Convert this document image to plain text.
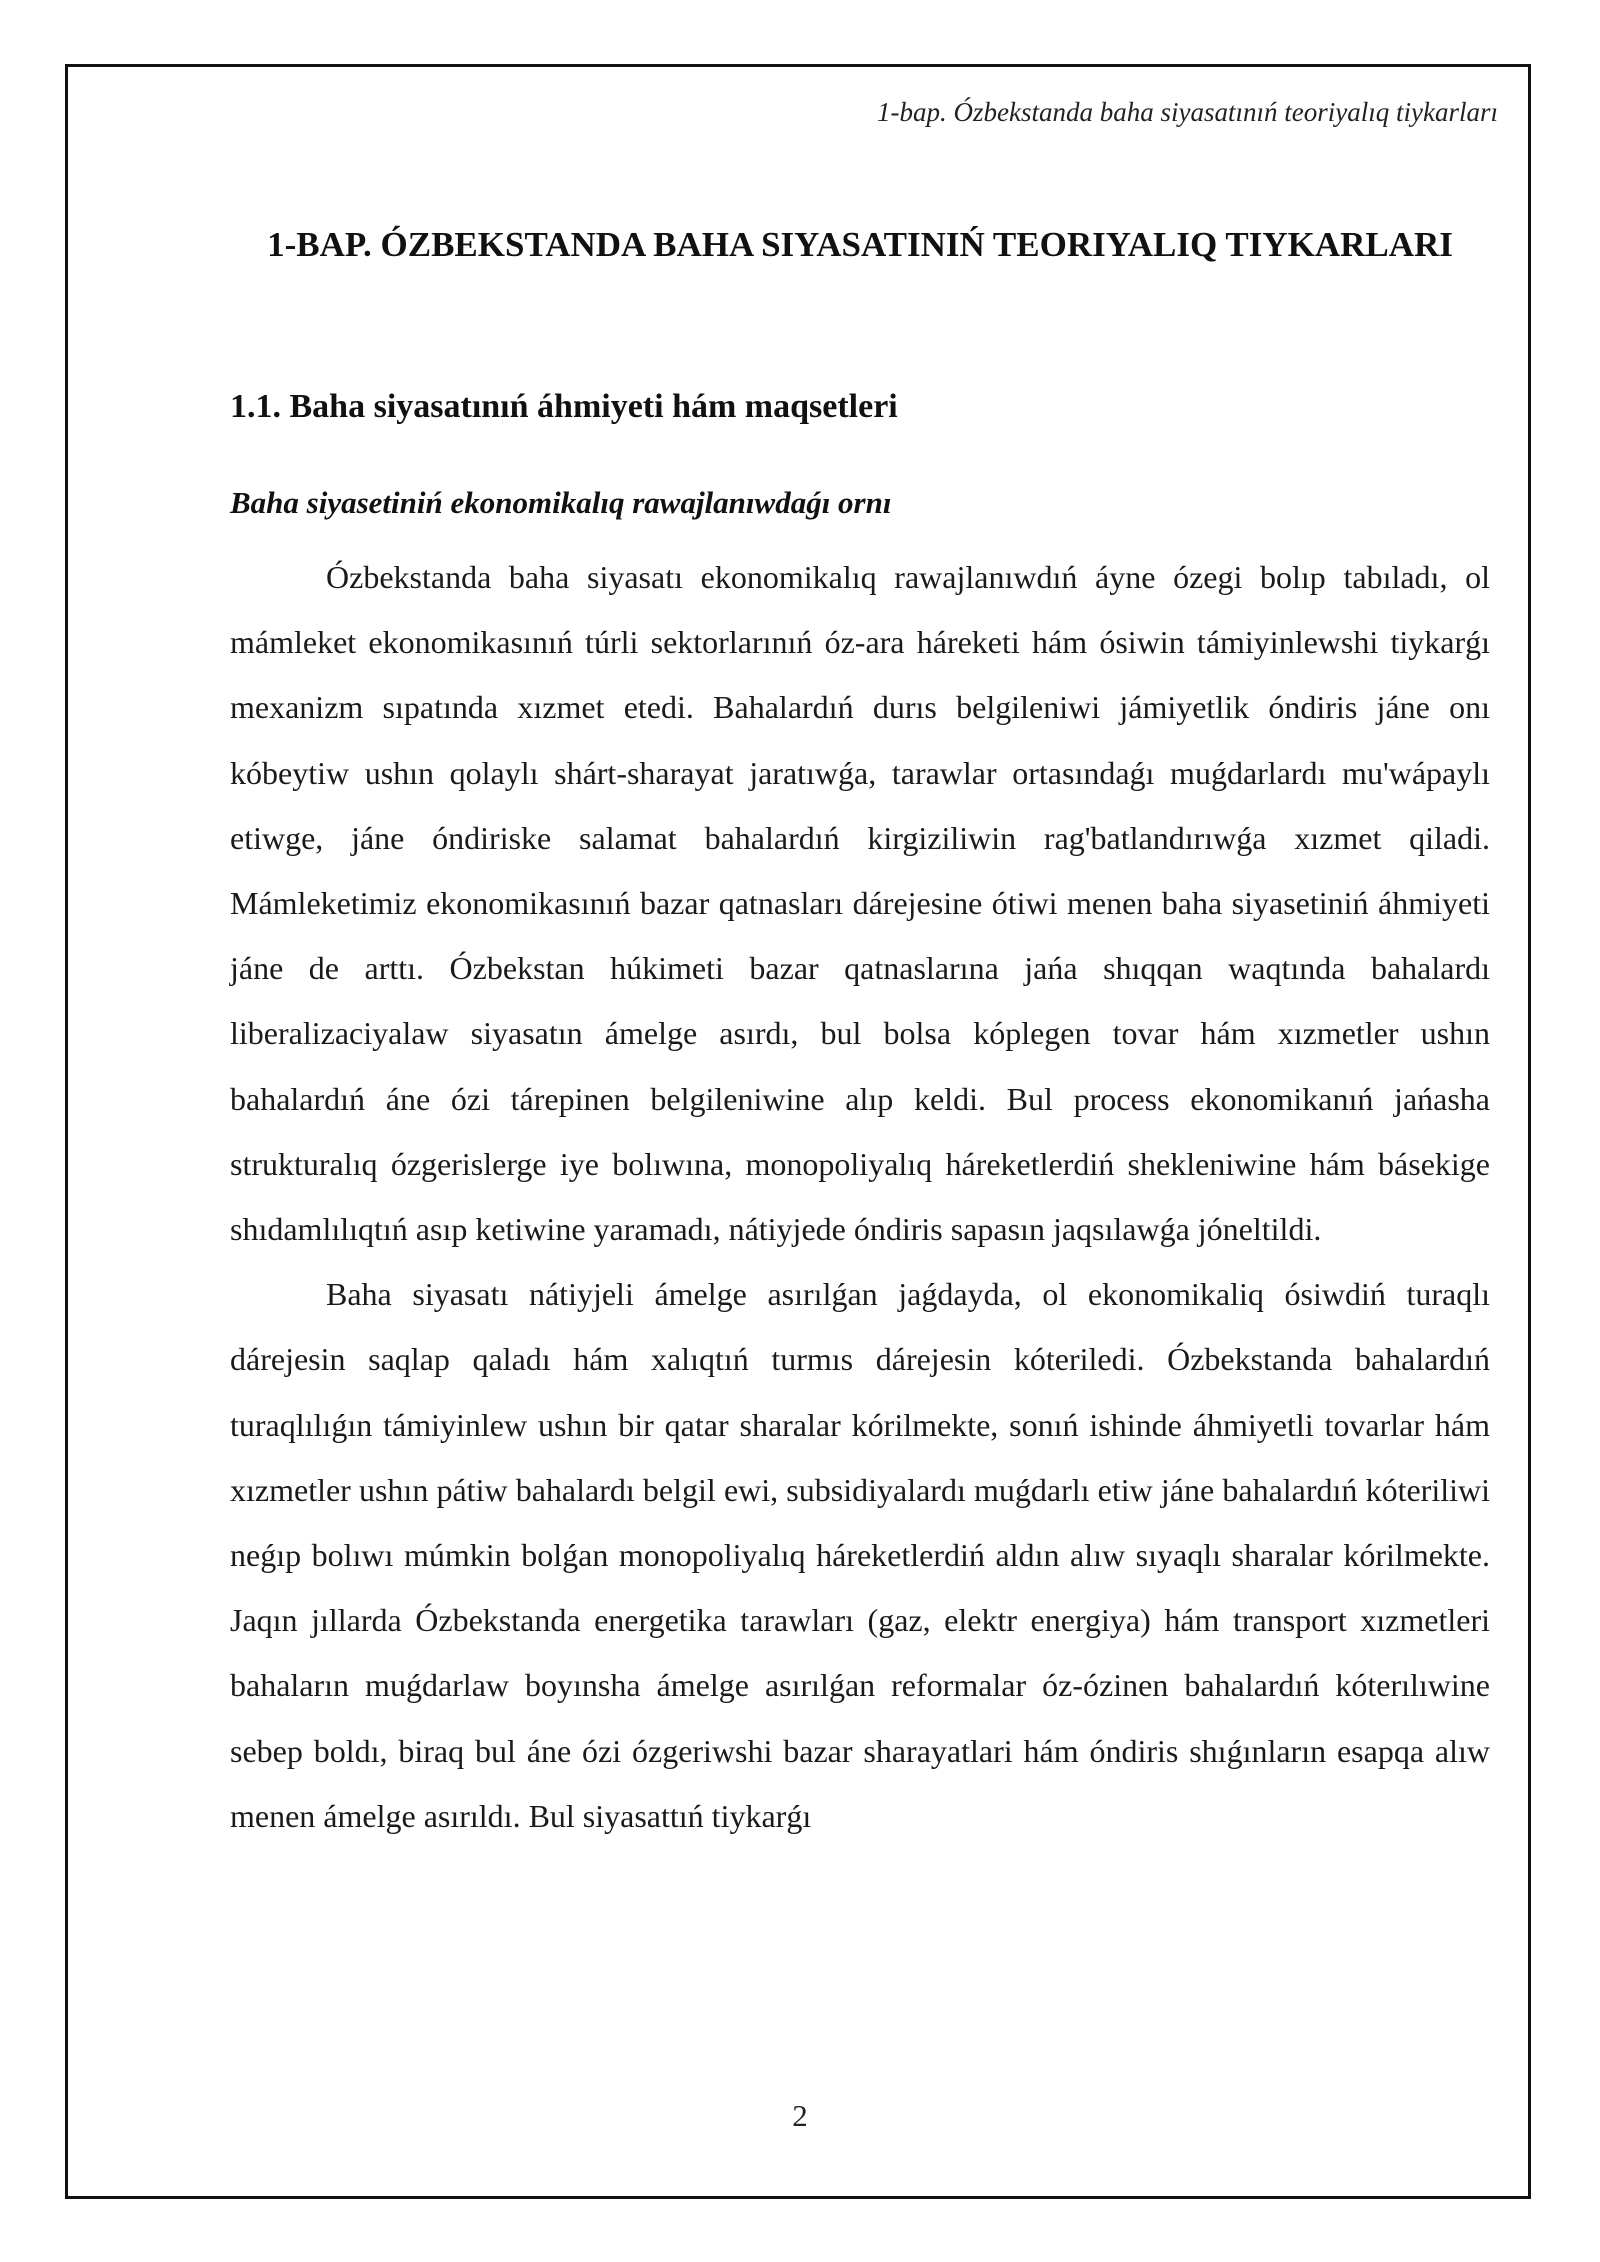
1-bap. Ózbekstanda baha siyasatınıń teoriyalıq tiykarları
1-BAP. ÓZBEKSTANDA BAHA SIYASATINIŃ TEORIYALIQ TIYKARLARI
1.1. Baha siyasatınıń áhmiyeti hám maqsetleri
Baha siyasetiniń ekonomikalıq rawajlanıwdaǵı ornı

Ózbekstanda baha siyasatı ekonomikalıq rawajlanıwdıń áyne ózegi bolıp tabıladı, ol mámleket ekonomikasınıń túrli sektorlarınıń óz-ara háreketi hám ósiwin támiyinlewshi tiykarǵı mexanizm sıpatında xızmet etedi. Bahalardıń durıs belgileniwi jámiyetlik óndiris jáne onı kóbeytiw ushın qolaylı shárt-sharayat jaratıwǵa, tarawlar ortasındaǵı muǵdarlardı mu'wápaylı etiwge, jáne óndiriske salamat bahalardıń kirgiziliwin rag'batlandırıwǵa xızmet qiladi. Mámleketimiz ekonomikasınıń bazar qatnasları dárejesine ótiwi menen baha siyasetiniń áhmiyeti jáne de arttı. Ózbekstan húkimeti bazar qatnaslarına jańa shıqqan waqtında bahalardı liberalizaciyalaw siyasatın ámelge asırdı, bul bolsa kóplegen tovar hám xızmetler ushın bahalardıń áne ózi tárepinen belgileniwine alıp keldi. Bul process ekonomikanıń jańasha strukturalıq ózgerislerge iye bolıwına, monopoliyalıq háreketlerdiń shekleniwine hám básekige shıdamlılıqtıń asıp ketiwine yaramadı, nátiyjede óndiris sapasın jaqsılawǵa jóneltildi.

Baha siyasatı nátiyjeli ámelge asırılǵan jaǵdayda, ol ekonomikaliq ósiwdiń turaqlı dárejesin saqlap qaladı hám xalıqtıń turmıs dárejesin kóteriledi. Ózbekstanda bahalardıń turaqlılıǵın támiyinlew ushın bir qatar sharalar kórilmekte, sonıń ishinde áhmiyetli tovarlar hám xızmetler ushın pátiw bahalardı belgil ewi, subsidiyalardı muǵdarlı etiw jáne bahalardıń kóteriliwi neǵıp bolıwı múmkin bolǵan monopoliyalıq háreketlerdiń aldın alıw sıyaqlı sharalar kórilmekte. Jaqın jıllarda Ózbekstanda energetika tarawları (gaz, elektr energiya) hám transport xızmetleri bahaların muǵdarlaw boyınsha ámelge asırılǵan reformalar óz-ózinen bahalardıń kóterılıwine sebep boldı, biraq bul áne ózi ózgeriwshi bazar sharayatlari hám óndiris shıǵınların esapqa alıw menen ámelge asırıldı. Bul siyasattıń tiykarǵı

2
